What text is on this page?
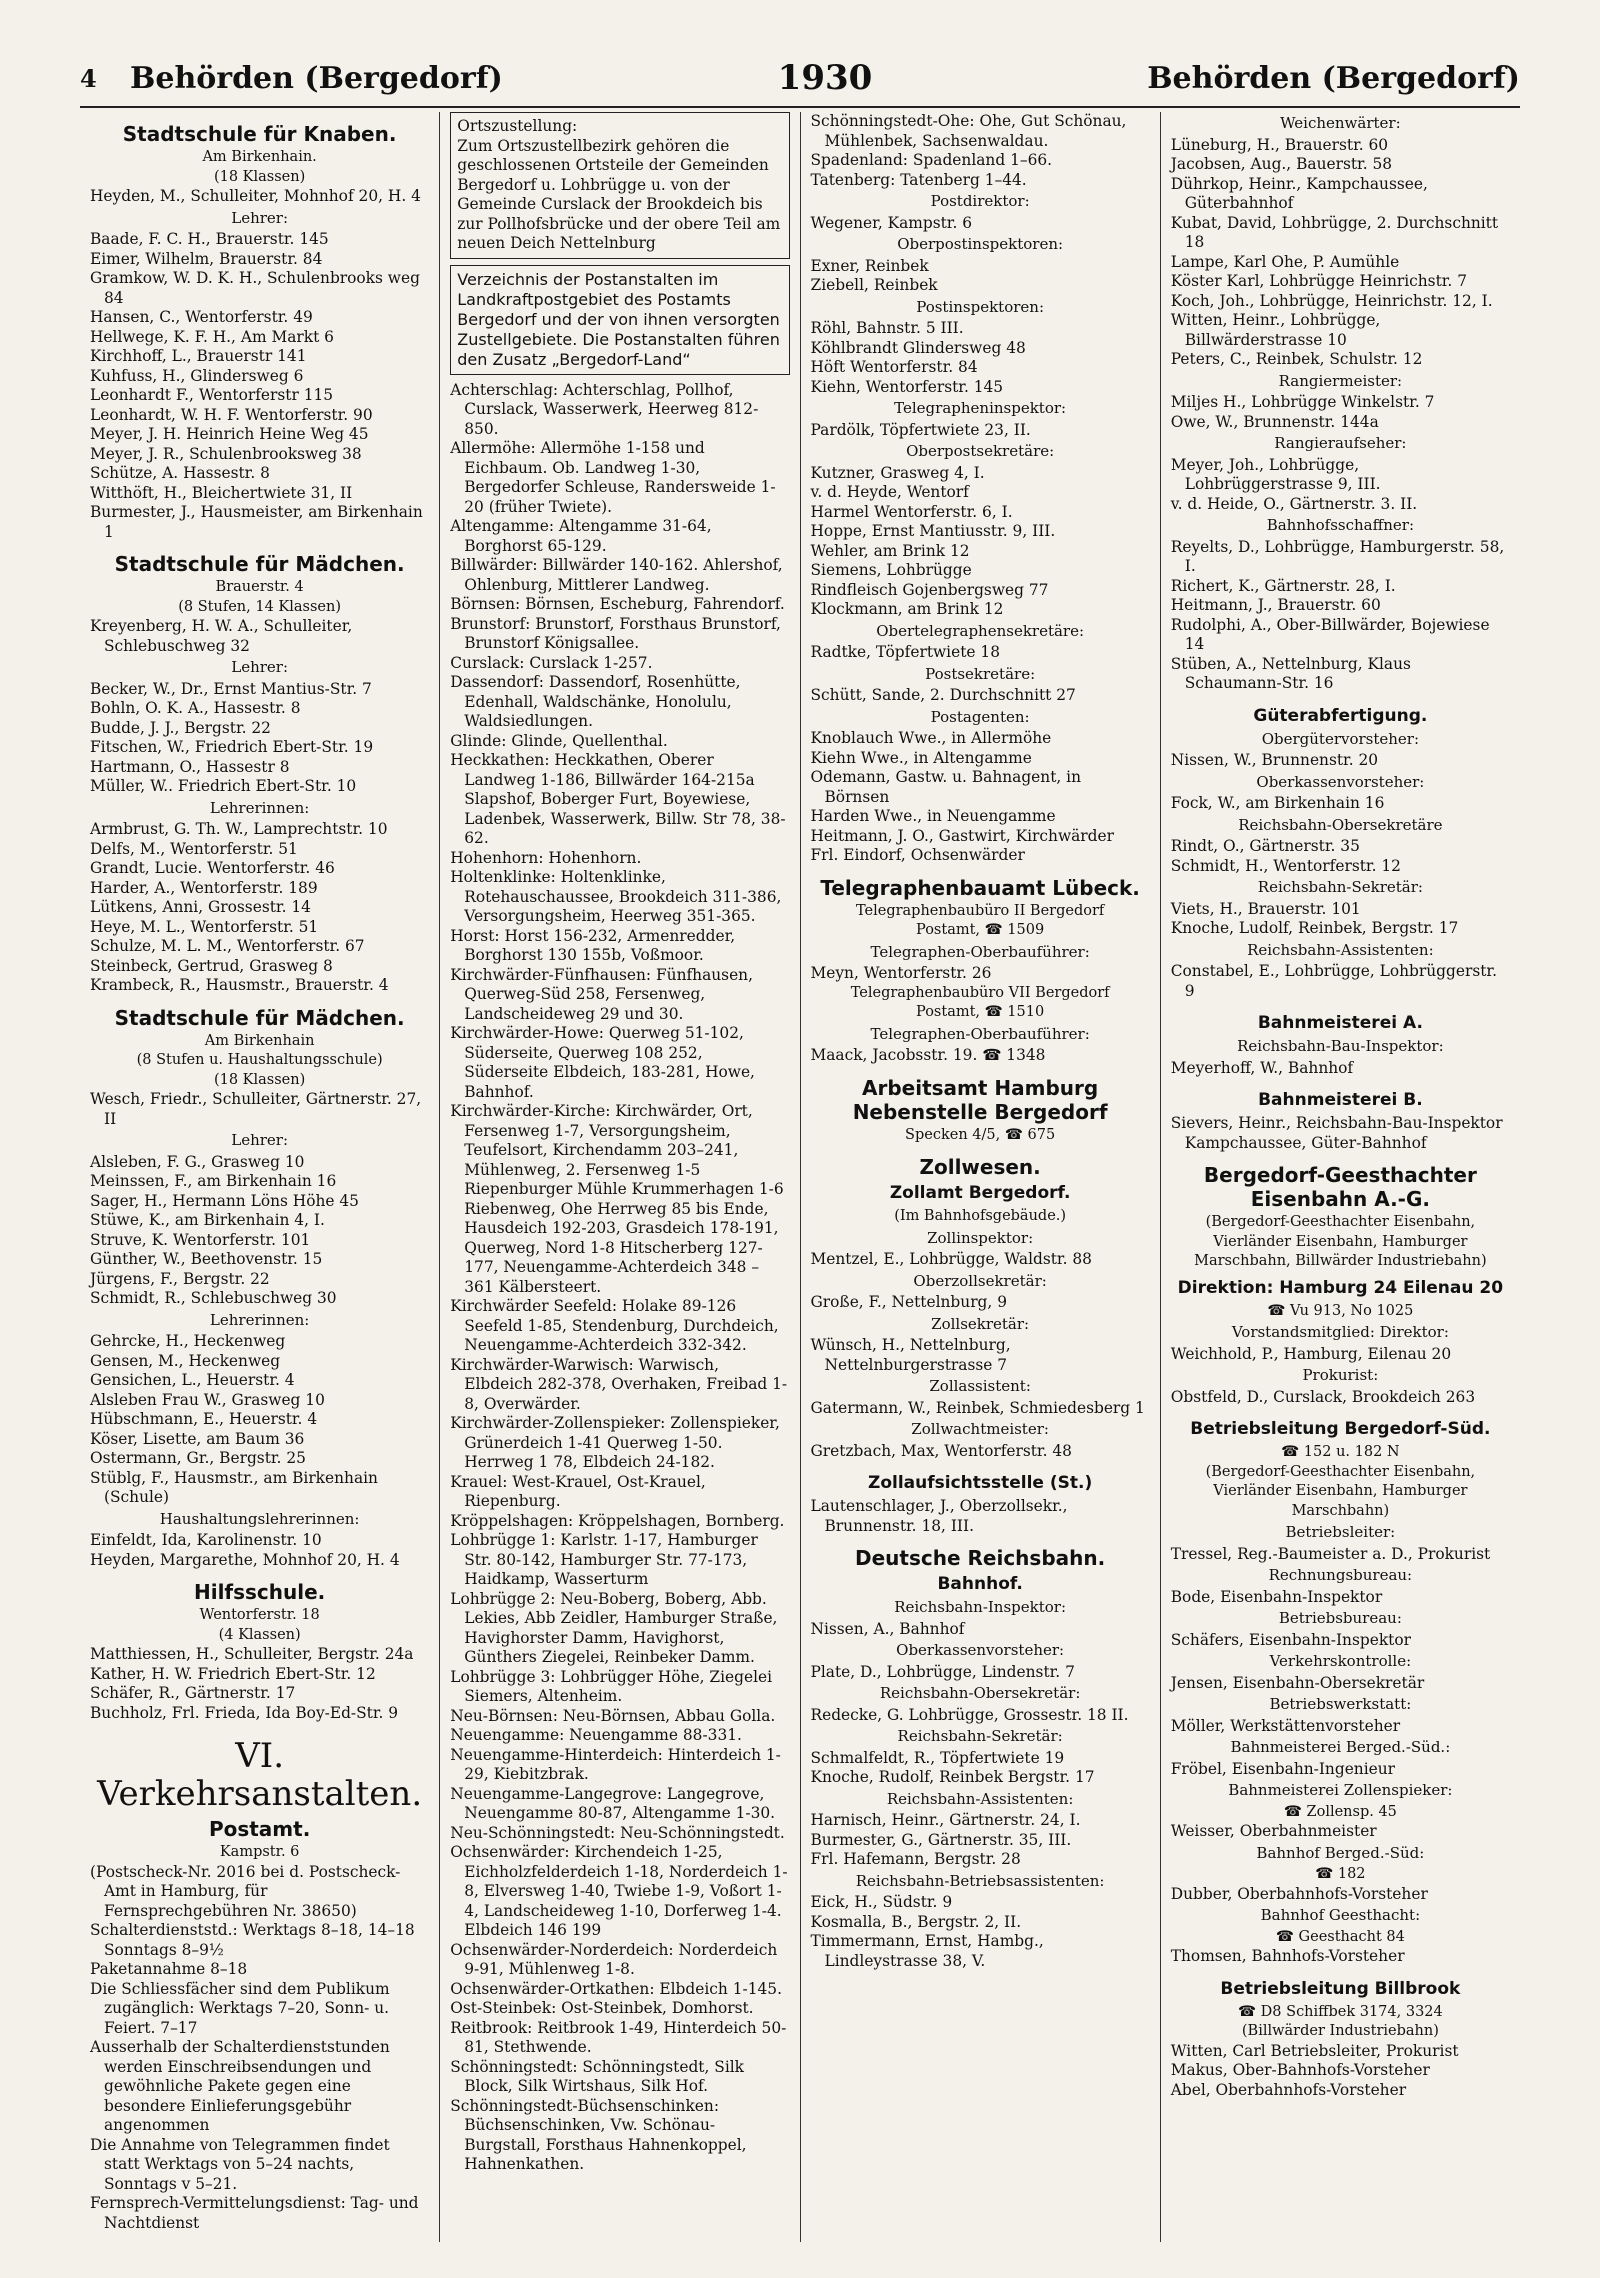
4	Behörden (Bergedorf)	1930	Behörden (Bergedorf)
Stadtschule für Knaben.
Am Birkenhain.
(18 Klassen)
Heyden, M., Schulleiter, Mohnhof 20, H. 4
Lehrer:
Baade, F. C. H., Brauerstr. 145
Eimer, Wilhelm, Brauerstr. 84
Gramkow, W. D. K. H., Schulenbrooks weg 84
Hansen, C., Wentorferstr. 49
Hellwege, K. F. H., Am Markt 6
Kirchhoff, L., Brauerstr 141
Kuhfuss, H., Glindersweg 6
Leonhardt F., Wentorferstr 115
Leonhardt, W. H. F. Wentorferstr. 90
Meyer, J. H. Heinrich Heine Weg 45
Meyer, J. R., Schulenbrooksweg 38
Schütze, A. Hassestr. 8
Witthöft, H., Bleichertwiete 31, II
Burmester, J., Hausmeister, am Birkenhain 1
Stadtschule für Mädchen.
Brauerstr. 4
(8 Stufen, 14 Klassen)
Kreyenberg, H. W. A., Schulleiter, Schlebuschweg 32
Lehrer:
Becker, W., Dr., Ernst Mantius-Str. 7
Bohln, O. K. A., Hassestr. 8
Budde, J. J., Bergstr. 22
Fitschen, W., Friedrich Ebert-Str. 19
Hartmann, O., Hassestr 8
Müller, W.. Friedrich Ebert-Str. 10
Lehrerinnen:
Armbrust, G. Th. W., Lamprechtstr. 10
Delfs, M., Wentorferstr. 51
Grandt, Lucie. Wentorferstr. 46
Harder, A., Wentorferstr. 189
Lütkens, Anni, Grossestr. 14
Heye, M. L., Wentorferstr. 51
Schulze, M. L. M., Wentorferstr. 67
Steinbeck, Gertrud, Grasweg 8
Krambeck, R., Hausmstr., Brauerstr. 4
Stadtschule für Mädchen.
Am Birkenhain
(8 Stufen u. Haushaltungsschule)
(18 Klassen)
Wesch, Friedr., Schulleiter, Gärtnerstr. 27, II
Lehrer:
Alsleben, F. G., Grasweg 10
Meinssen, F., am Birkenhain 16
Sager, H., Hermann Löns Höhe 45
Stüwe, K., am Birkenhain 4, I.
Struve, K. Wentorferstr. 101
Günther, W., Beethovenstr. 15
Jürgens, F., Bergstr. 22
Schmidt, R., Schlebuschweg 30
Lehrerinnen:
Gehrcke, H., Heckenweg
Gensen, M., Heckenweg
Gensichen, L., Heuerstr. 4
Alsleben Frau W., Grasweg 10
Hübschmann, E., Heuerstr. 4
Köser, Lisette, am Baum 36
Ostermann, Gr., Bergstr. 25
Stüblg, F., Hausmstr., am Birkenhain (Schule)
Haushaltungslehrerinnen:
Einfeldt, Ida, Karolinenstr. 10
Heyden, Margarethe, Mohnhof 20, H. 4
Hilfsschule.
Wentorferstr. 18
(4 Klassen)
Matthiessen, H., Schulleiter, Bergstr. 24a
Kather, H. W. Friedrich Ebert-Str. 12
Schäfer, R., Gärtnerstr. 17
Buchholz, Frl. Frieda, Ida Boy-Ed-Str. 9
VI. Verkehrsanstalten.
Postamt.
Kampstr. 6
(Postscheck-Nr. 2016 bei d. Postscheck-Amt in Hamburg, für Fernsprechgebühren Nr. 38650)
Schalterdienststd.: Werktags 8–18, 14–18 Sonntags 8–9½
Paketannahme 8–18
Die Schliessfächer sind dem Publikum zugänglich: Werktags 7–20, Sonn- u. Feiert. 7–17
Ausserhalb der Schalterdienststunden werden Einschreibsendungen und gewöhnliche Pakete gegen eine besondere Einlieferungsgebühr angenommen
Die Annahme von Telegrammen findet statt Werktags von 5–24 nachts, Sonntags v 5–21.
Fernsprech-Vermittelungsdienst: Tag- und Nachtdienst
Ortszustellung:
Zum Ortszustellbezirk gehören die geschlossenen Ortsteile der Gemeinden Bergedorf u. Lohbrügge u. von der Gemeinde Curslack der Brookdeich bis zur Pollhofsbrücke und der obere Teil am neuen Deich Nettelnburg
Verzeichnis der Postanstalten im Landkraftpostgebiet des Postamts Bergedorf und der von ihnen versorgten Zustellgebiete. Die Postanstalten führen den Zusatz „Bergedorf-Land“
Achterschlag: Achterschlag, Pollhof, Curslack, Wasserwerk, Heerweg 812-850.
Allermöhe: Allermöhe 1-158 und Eichbaum. Ob. Landweg 1-30, Bergedorfer Schleuse, Randersweide 1-20 (früher Twiete).
Altengamme: Altengamme 31-64, Borghorst 65-129.
Billwärder: Billwärder 140-162. Ahlershof, Ohlenburg, Mittlerer Landweg.
Börnsen: Börnsen, Escheburg, Fahrendorf.
Brunstorf: Brunstorf, Forsthaus Brunstorf, Brunstorf Königsallee.
Curslack: Curslack 1-257.
Dassendorf: Dassendorf, Rosenhütte, Edenhall, Waldschänke, Honolulu, Waldsiedlungen.
Glinde: Glinde, Quellenthal.
Heckkathen: Heckkathen, Oberer Landweg 1-186, Billwärder 164-215a Slapshof, Boberger Furt, Boyewiese, Ladenbek, Wasserwerk, Billw. Str 78, 38-62.
Hohenhorn: Hohenhorn.
Holtenklinke: Holtenklinke, Rotehauschaussee, Brookdeich 311-386, Versorgungsheim, Heerweg 351-365.
Horst: Horst 156-232, Armenredder, Borghorst 130 155b, Voßmoor.
Kirchwärder-Fünfhausen: Fünfhausen, Querweg-Süd 258, Fersenweg, Landscheideweg 29 und 30.
Kirchwärder-Howe: Querweg 51-102, Süderseite, Querweg 108 252, Süderseite Elbdeich, 183-281, Howe, Bahnhof.
Kirchwärder-Kirche: Kirchwärder, Ort, Fersenweg 1-7, Versorgungsheim, Teufelsort, Kirchendamm 203–241, Mühlenweg, 2. Fersenweg 1-5 Riepenburger Mühle Krummerhagen 1-6 Riebenweg, Ohe Herrweg 85 bis Ende, Hausdeich 192-203, Grasdeich 178-191, Querweg, Nord 1-8 Hitscherberg 127-177, Neuengamme-Achterdeich 348 – 361 Kälbersteert.
Kirchwärder Seefeld: Holake 89-126 Seefeld 1-85, Stendenburg, Durchdeich, Neuengamme-Achterdeich 332-342.
Kirchwärder-Warwisch: Warwisch, Elbdeich 282-378, Overhaken, Freibad 1-8, Overwärder.
Kirchwärder-Zollenspieker: Zollenspieker, Grünerdeich 1-41 Querweg 1-50. Herrweg 1 78, Elbdeich 24-182.
Krauel: West-Krauel, Ost-Krauel, Riepenburg.
Kröppelshagen: Kröppelshagen, Bornberg.
Lohbrügge 1: Karlstr. 1-17, Hamburger Str. 80-142, Hamburger Str. 77-173, Haidkamp, Wasserturm
Lohbrügge 2: Neu-Boberg, Boberg, Abb. Lekies, Abb Zeidler, Hamburger Straße, Havighorster Damm, Havighorst, Günthers Ziegelei, Reinbeker Damm.
Lohbrügge 3: Lohbrügger Höhe, Ziegelei Siemers, Altenheim.
Neu-Börnsen: Neu-Börnsen, Abbau Golla.
Neuengamme: Neuengamme 88-331.
Neuengamme-Hinterdeich: Hinterdeich 1-29, Kiebitzbrak.
Neuengamme-Langegrove: Langegrove, Neuengamme 80-87, Altengamme 1-30.
Neu-Schönningstedt: Neu-Schönningstedt.
Ochsenwärder: Kirchendeich 1-25, Eichholzfelderdeich 1-18, Norderdeich 1-8, Elversweg 1-40, Twiebe 1-9, Voßort 1-4, Landscheideweg 1-10, Dorferweg 1-4. Elbdeich 146 199
Ochsenwärder-Norderdeich: Norderdeich 9-91, Mühlenweg 1-8.
Ochsenwärder-Ortkathen: Elbdeich 1-145.
Ost-Steinbek: Ost-Steinbek, Domhorst.
Reitbrook: Reitbrook 1-49, Hinterdeich 50-81, Stethwende.
Schönningstedt: Schönningstedt, Silk Block, Silk Wirtshaus, Silk Hof.
Schönningstedt-Büchsenschinken: Büchsenschinken, Vw. Schönau-Burgstall, Forsthaus Hahnenkoppel, Hahnenkathen.
Schönningstedt-Ohe: Ohe, Gut Schönau, Mühlenbek, Sachsenwaldau.
Spadenland: Spadenland 1–66.
Tatenberg: Tatenberg 1–44.
Postdirektor:
Wegener, Kampstr. 6
Oberpostinspektoren:
Exner, Reinbek
Ziebell, Reinbek
Postinspektoren:
Röhl, Bahnstr. 5 III.
Köhlbrandt Glindersweg 48
Höft Wentorferstr. 84
Kiehn, Wentorferstr. 145
Telegrapheninspektor:
Pardölk, Töpfertwiete 23, II.
Oberpostsekretäre:
Kutzner, Grasweg 4, I.
v. d. Heyde, Wentorf
Harmel Wentorferstr. 6, I.
Hoppe, Ernst Mantiusstr. 9, III.
Wehler, am Brink 12
Siemens, Lohbrügge
Rindfleisch Gojenbergsweg 77
Klockmann, am Brink 12
Obertelegraphensekretäre:
Radtke, Töpfertwiete 18
Postsekretäre:
Schütt, Sande, 2. Durchschnitt 27
Postagenten:
Knoblauch Wwe., in Allermöhe
Kiehn Wwe., in Altengamme
Odemann, Gastw. u. Bahnagent, in Börnsen
Harden Wwe., in Neuengamme
Heitmann, J. O., Gastwirt, Kirchwärder
Frl. Eindorf, Ochsenwärder
Telegraphenbauamt Lübeck.
Telegraphenbaubüro II Bergedorf
Postamt, ☎ 1509
Telegraphen-Oberbauführer:
Meyn, Wentorferstr. 26
Telegraphenbaubüro VII Bergedorf
Postamt, ☎ 1510
Telegraphen-Oberbauführer:
Maack, Jacobsstr. 19. ☎ 1348
Arbeitsamt Hamburg Nebenstelle Bergedorf
Specken 4/5, ☎ 675
Zollwesen.
Zollamt Bergedorf.
(Im Bahnhofsgebäude.)
Zollinspektor:
Mentzel, E., Lohbrügge, Waldstr. 88
Oberzollsekretär:
Große, F., Nettelnburg, 9
Zollsekretär:
Wünsch, H., Nettelnburg, Nettelnburgerstrasse 7
Zollassistent:
Gatermann, W., Reinbek, Schmiedesberg 1
Zollwachtmeister:
Gretzbach, Max, Wentorferstr. 48
Zollaufsichtsstelle (St.)
Lautenschlager, J., Oberzollsekr., Brunnenstr. 18, III.
Deutsche Reichsbahn.
Bahnhof.
Reichsbahn-Inspektor:
Nissen, A., Bahnhof
Oberkassenvorsteher:
Plate, D., Lohbrügge, Lindenstr. 7
Reichsbahn-Obersekretär:
Redecke, G. Lohbrügge, Grossestr. 18 II.
Reichsbahn-Sekretär:
Schmalfeldt, R., Töpfertwiete 19
Knoche, Rudolf, Reinbek Bergstr. 17
Reichsbahn-Assistenten:
Harnisch, Heinr., Gärtnerstr. 24, I.
Burmester, G., Gärtnerstr. 35, III.
Frl. Hafemann, Bergstr. 28
Reichsbahn-Betriebsassistenten:
Eick, H., Südstr. 9
Kosmalla, B., Bergstr. 2, II.
Timmermann, Ernst, Hambg., Lindleystrasse 38, V.
Weichenwärter:
Lüneburg, H., Brauerstr. 60
Jacobsen, Aug., Bauerstr. 58
Dührkop, Heinr., Kampchaussee, Güterbahnhof
Kubat, David, Lohbrügge, 2. Durchschnitt 18
Lampe, Karl Ohe, P. Aumühle
Köster Karl, Lohbrügge Heinrichstr. 7
Koch, Joh., Lohbrügge, Heinrichstr. 12, I.
Witten, Heinr., Lohbrügge, Billwärderstrasse 10
Peters, C., Reinbek, Schulstr. 12
Rangiermeister:
Miljes H., Lohbrügge Winkelstr. 7
Owe, W., Brunnenstr. 144a
Rangieraufseher:
Meyer, Joh., Lohbrügge, Lohbrüggerstrasse 9, III.
v. d. Heide, O., Gärtnerstr. 3. II.
Bahnhofsschaffner:
Reyelts, D., Lohbrügge, Hamburgerstr. 58, I.
Richert, K., Gärtnerstr. 28, I.
Heitmann, J., Brauerstr. 60
Rudolphi, A., Ober-Billwärder, Bojewiese 14
Stüben, A., Nettelnburg, Klaus Schaumann-Str. 16
Güterabfertigung.
Obergütervorsteher:
Nissen, W., Brunnenstr. 20
Oberkassenvorsteher:
Fock, W., am Birkenhain 16
Reichsbahn-Obersekretäre
Rindt, O., Gärtnerstr. 35
Schmidt, H., Wentorferstr. 12
Reichsbahn-Sekretär:
Viets, H., Brauerstr. 101
Knoche, Ludolf, Reinbek, Bergstr. 17
Reichsbahn-Assistenten:
Constabel, E., Lohbrügge, Lohbrüggerstr. 9
Bahnmeisterei A.
Reichsbahn-Bau-Inspektor:
Meyerhoff, W., Bahnhof
Bahnmeisterei B.
Sievers, Heinr., Reichsbahn-Bau-Inspektor Kampchaussee, Güter-Bahnhof
Bergedorf-Geesthachter Eisenbahn A.-G.
(Bergedorf-Geesthachter Eisenbahn, Vierländer Eisenbahn, Hamburger Marschbahn, Billwärder Industriebahn)
Direktion: Hamburg 24 Eilenau 20
☎ Vu 913, No 1025
Vorstandsmitglied: Direktor:
Weichhold, P., Hamburg, Eilenau 20
Prokurist:
Obstfeld, D., Curslack, Brookdeich 263
Betriebsleitung Bergedorf-Süd.
☎ 152 u. 182 N
(Bergedorf-Geesthachter Eisenbahn, Vierländer Eisenbahn, Hamburger Marschbahn)
Betriebsleiter:
Tressel, Reg.-Baumeister a. D., Prokurist
Rechnungsbureau:
Bode, Eisenbahn-Inspektor
Betriebsbureau:
Schäfers, Eisenbahn-Inspektor
Verkehrskontrolle:
Jensen, Eisenbahn-Obersekretär
Betriebswerkstatt:
Möller, Werkstättenvorsteher
Bahnmeisterei Berged.-Süd.:
Fröbel, Eisenbahn-Ingenieur
Bahnmeisterei Zollenspieker:
☎ Zollensp. 45
Weisser, Oberbahnmeister
Bahnhof Berged.-Süd:
☎ 182
Dubber, Oberbahnhofs-Vorsteher
Bahnhof Geesthacht:
☎ Geesthacht 84
Thomsen, Bahnhofs-Vorsteher
Betriebsleitung Billbrook
☎ D8 Schiffbek 3174, 3324
(Billwärder Industriebahn)
Witten, Carl Betriebsleiter, Prokurist
Makus, Ober-Bahnhofs-Vorsteher
Abel, Oberbahnhofs-Vorsteher
